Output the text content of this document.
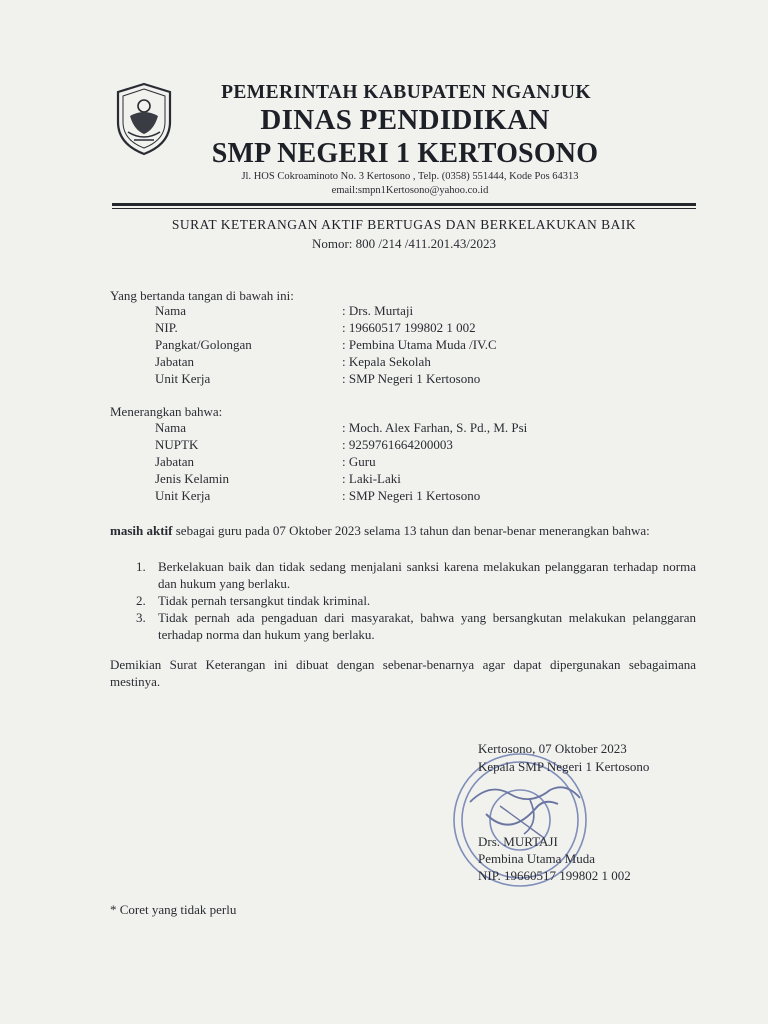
PEMERINTAH KABUPATEN NGANJUK
DINAS PENDIDIKAN
SMP NEGERI 1 KERTOSONO
Jl. HOS Cokroaminoto No. 3 Kertosono , Telp. (0358) 551444, Kode Pos 64313
email:smpn1Kertosono@yahoo.co.id
SURAT KETERANGAN AKTIF BERTUGAS DAN BERKELAKUKAN BAIK
Nomor: 800 /214 /411.201.43/2023
Yang bertanda tangan di bawah ini:
Nama	: Drs. Murtaji
NIP.	: 19660517 199802 1 002
Pangkat/Golongan	: Pembina Utama Muda /IV.C
Jabatan	: Kepala Sekolah
Unit Kerja	: SMP Negeri 1 Kertosono
Menerangkan bahwa:
Nama	: Moch. Alex Farhan, S. Pd., M. Psi
NUPTK	: 9259761664200003
Jabatan	: Guru
Jenis Kelamin	: Laki-Laki
Unit Kerja	: SMP Negeri 1 Kertosono
masih aktif sebagai guru pada 07 Oktober 2023 selama 13 tahun dan benar-benar menerangkan bahwa:
1. Berkelakuan baik dan tidak sedang menjalani sanksi karena melakukan pelanggaran terhadap norma dan hukum yang berlaku.
2. Tidak pernah tersangkut tindak kriminal.
3. Tidak pernah ada pengaduan dari masyarakat, bahwa yang bersangkutan melakukan pelanggaran terhadap norma dan hukum yang berlaku.
Demikian Surat Keterangan ini dibuat dengan sebenar-benarnya agar dapat dipergunakan sebagaimana mestinya.
Kertosono, 07 Oktober 2023
Kepala SMP Negeri 1 Kertosono
Drs. MURTAJI
Pembina Utama Muda
NIP. 19660517 199802 1 002
* Coret yang tidak perlu
